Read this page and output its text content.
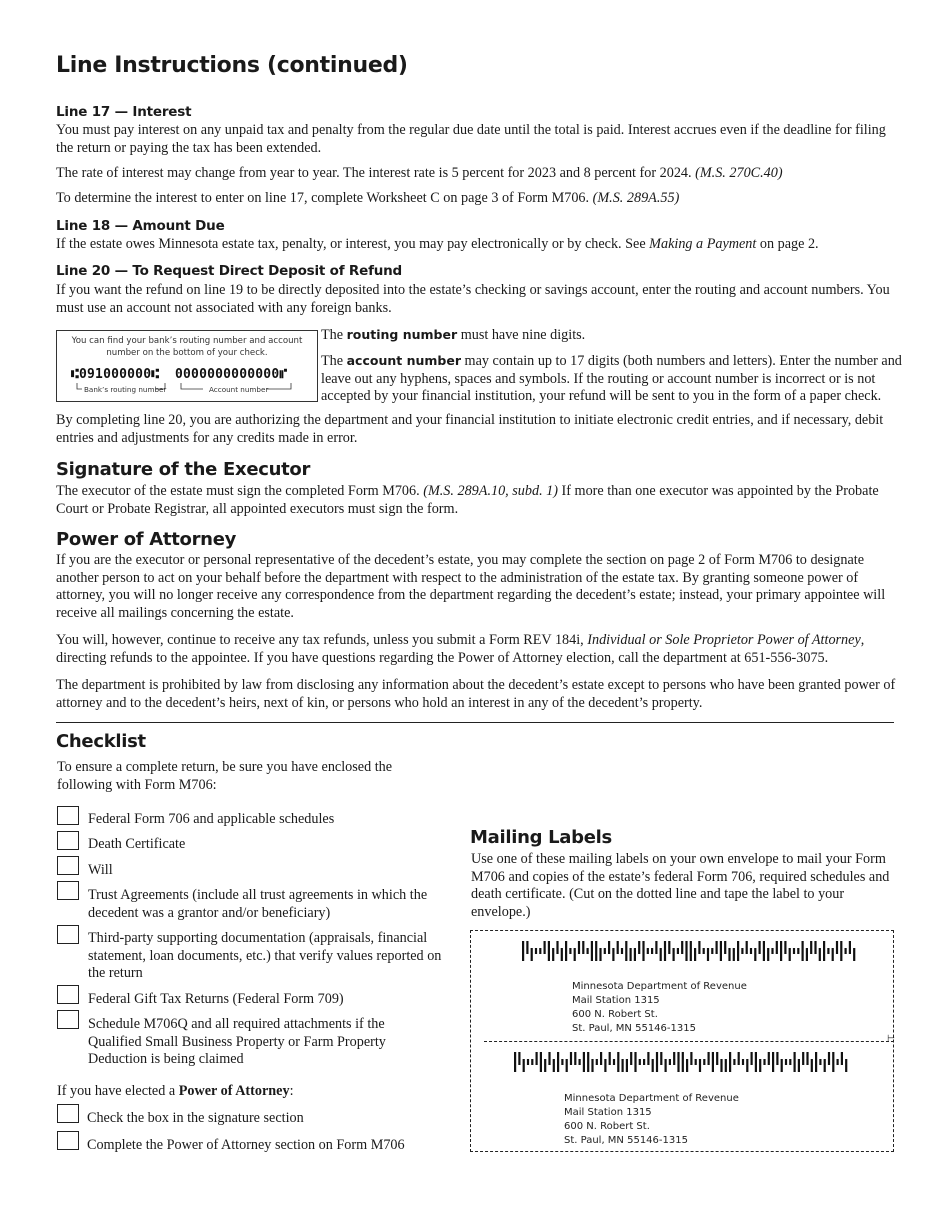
Line Instructions (continued)
Line 17 — Interest

You must pay interest on any unpaid tax and penalty from the regular due date until the total is paid. Interest accrues even if the deadline for filing the return or paying the tax has been extended.

The rate of interest may change from year to year. The interest rate is 5 percent for 2023 and 8 percent for 2024. (M.S. 270C.40)

To determine the interest to enter on line 17, complete Worksheet C on page 3 of Form M706. (M.S. 289A.55)

Line 18 — Amount Due

If the estate owes Minnesota estate tax, penalty, or interest, you may pay electronically or by check. See Making a Payment on page 2.

Line 20 — To Request Direct Deposit of Refund

If you want the refund on line 19 to be directly deposited into the estate’s checking or savings account, enter the routing and account numbers. You must use an account not associated with any foreign banks.

You can find your bank’s routing number and account number on the bottom of your check.
⑆091000000⑆ 0000000000000⑈
Bank’s routing number	Account number

The routing number must have nine digits.

The account number may contain up to 17 digits (both numbers and letters). Enter the number and leave out any hyphens, spaces and symbols. If the routing or account number is incorrect or is not accepted by your financial institution, your refund will be sent to you in the form of a paper check.

By completing line 20, you are authorizing the department and your financial institution to initiate electronic credit entries, and if necessary, debit entries and adjustments for any credits made in error.

Signature of the Executor

The executor of the estate must sign the completed Form M706. (M.S. 289A.10, subd. 1) If more than one executor was appointed by the Probate Court or Probate Registrar, all appointed executors must sign the form.

Power of Attorney

If you are the executor or personal representative of the decedent’s estate, you may complete the section on page 2 of Form M706 to designate another person to act on your behalf before the department with respect to the administration of the estate tax. By granting someone power of attorney, you will no longer receive any correspondence from the department regarding the decedent’s estate; instead, your primary appointee will receive all mailings concerning the estate.

You will, however, continue to receive any tax refunds, unless you submit a Form REV 184i, Individual or Sole Proprietor Power of Attorney, directing refunds to the appointee. If you have questions regarding the Power of Attorney election, call the department at 651-556-3075.

The department is prohibited by law from disclosing any information about the decedent’s estate except to persons who have been granted power of attorney and to the decedent’s heirs, next of kin, or persons who hold an interest in any of the decedent’s property.

Checklist

To ensure a complete return, be sure you have enclosed the following with Form M706:

Federal Form 706 and applicable schedules

Death Certificate

Will

Trust Agreements (include all trust agreements in which the decedent was a grantor and/or beneficiary)

Third-party supporting documentation (appraisals, financial statement, loan documents, etc.) that verify values reported on the return

Federal Gift Tax Returns (Federal Form 709)

Schedule M706Q and all required attachments if the Qualified Small Business Property or Farm Property Deduction is being claimed

If you have elected a Power of Attorney:

Check the box in the signature section

Complete the Power of Attorney section on Form M706

Mailing Labels

Use one of these mailing labels on your own envelope to mail your Form M706 and copies of the estate’s federal Form 706, required schedules and death certificate. (Cut on the dotted line and tape the label to your envelope.)

⊢
Minnesota Department of Revenue
Mail Station 1315
600 N. Robert St.
St. Paul, MN 55146-1315
Minnesota Department of Revenue
Mail Station 1315
600 N. Robert St.
St. Paul, MN 55146-1315
